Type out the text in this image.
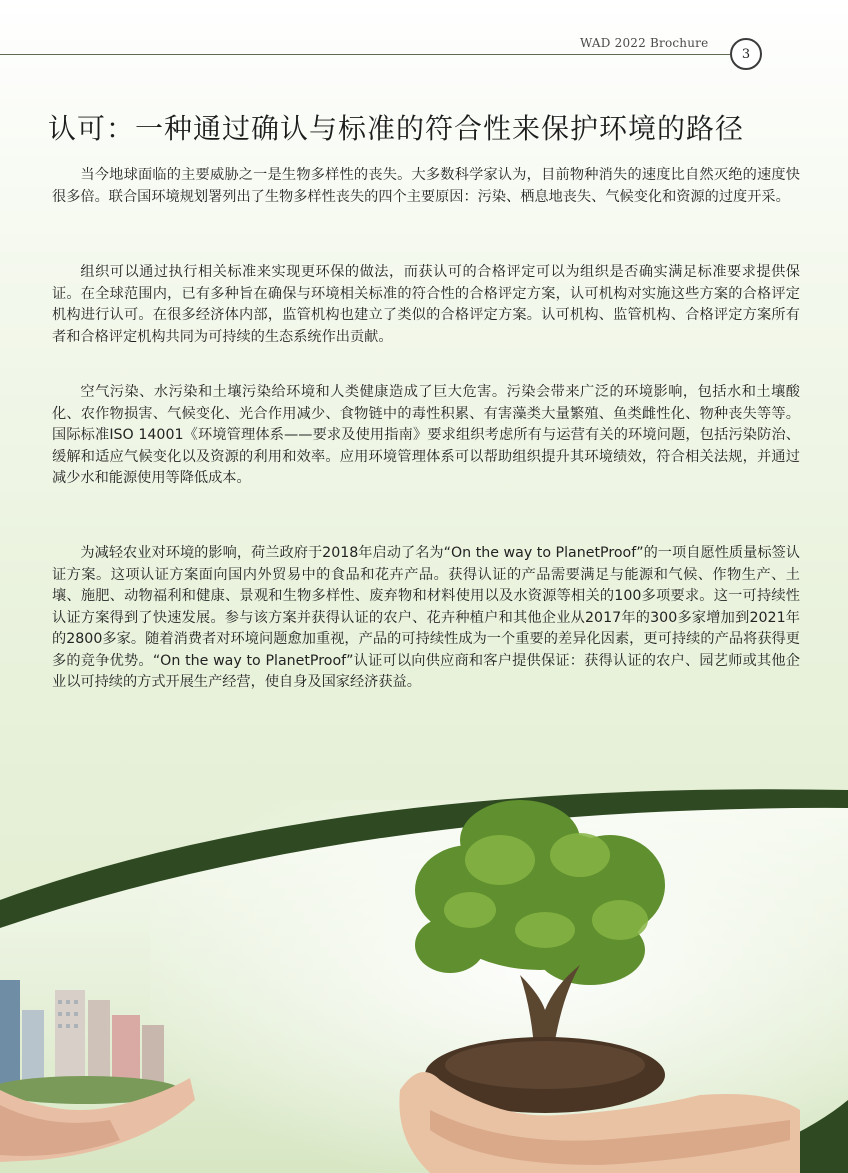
WAD 2022 Brochure
3
认可：一种通过确认与标准的符合性来保护环境的路径

当今地球面临的主要威胁之一是生物多样性的丧失。大多数科学家认为，目前物种消失的速度比自然灭绝的速度快很多倍。联合国环境规划署列出了生物多样性丧失的四个主要原因：污染、栖息地丧失、气候变化和资源的过度开采。

组织可以通过执行相关标准来实现更环保的做法，而获认可的合格评定可以为组织是否确实满足标准要求提供保证。在全球范围内，已有多种旨在确保与环境相关标准的符合性的合格评定方案，认可机构对实施这些方案的合格评定机构进行认可。在很多经济体内部，监管机构也建立了类似的合格评定方案。认可机构、监管机构、合格评定方案所有者和合格评定机构共同为可持续的生态系统作出贡献。

空气污染、水污染和土壤污染给环境和人类健康造成了巨大危害。污染会带来广泛的环境影响，包括水和土壤酸化、农作物损害、气候变化、光合作用减少、食物链中的毒性积累、有害藻类大量繁殖、鱼类雌性化、物种丧失等等。国际标准ISO 14001《环境管理体系——要求及使用指南》要求组织考虑所有与运营有关的环境问题，包括污染防治、缓解和适应气候变化以及资源的利用和效率。应用环境管理体系可以帮助组织提升其环境绩效，符合相关法规，并通过减少水和能源使用等降低成本。

为减轻农业对环境的影响，荷兰政府于2018年启动了名为“On the way to PlanetProof”的一项自愿性质量标签认证方案。这项认证方案面向国内外贸易中的食品和花卉产品。获得认证的产品需要满足与能源和气候、作物生产、土壤、施肥、动物福利和健康、景观和生物多样性、废弃物和材料使用以及水资源等相关的100多项要求。这一可持续性认证方案得到了快速发展。参与该方案并获得认证的农户、花卉种植户和其他企业从2017年的300多家增加到2021年的2800多家。随着消费者对环境问题愈加重视，产品的可持续性成为一个重要的差异化因素，更可持续的产品将获得更多的竞争优势。“On the way to PlanetProof”认证可以向供应商和客户提供保证：获得认证的农户、园艺师或其他企业以可持续的方式开展生产经营，使自身及国家经济获益。
